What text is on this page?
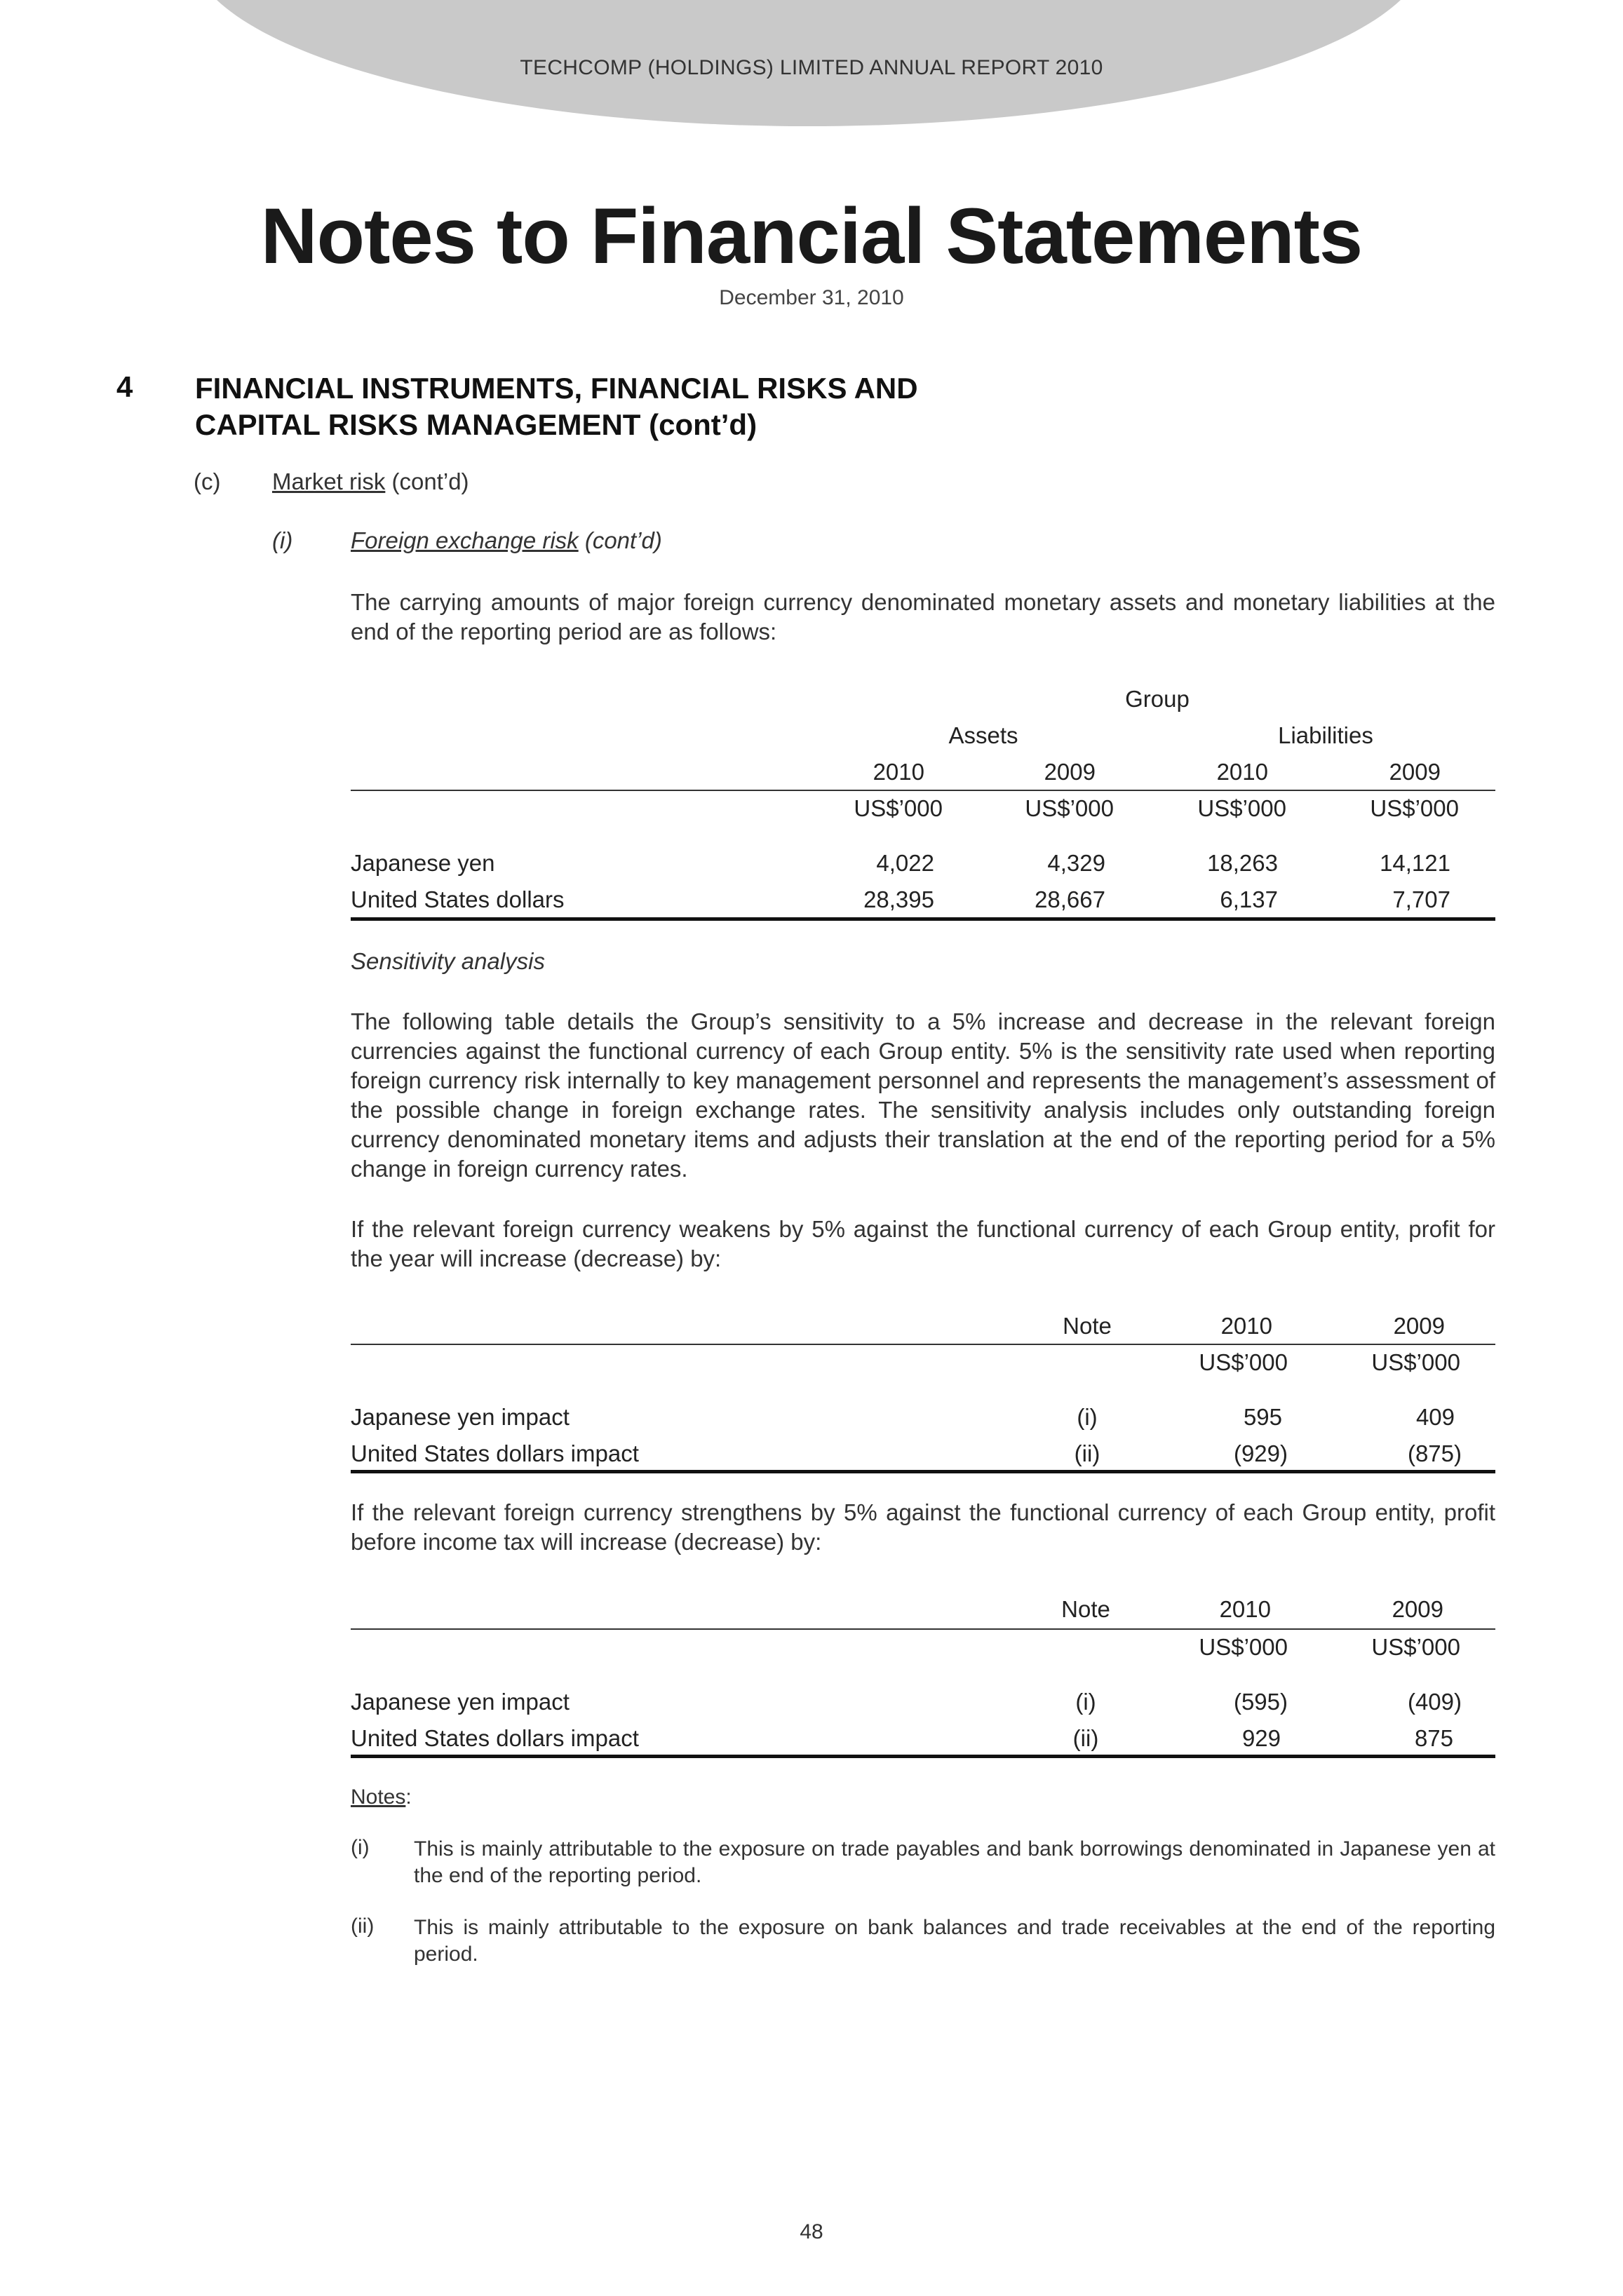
TECHCOMP (HOLDINGS) LIMITED ANNUAL REPORT 2010
Notes to Financial Statements
December 31, 2010
4 FINANCIAL INSTRUMENTS, FINANCIAL RISKS AND
CAPITAL RISKS MANAGEMENT (cont’d)
(c) Market risk (cont’d)
(i)	Foreign exchange risk (cont’d)
The carrying amounts of major foreign currency denominated monetary assets and monetary liabilities at the end of the reporting period are as follows:
Group
Assets	Liabilities
2010	2009	2010	2009
US$’000	US$’000	US$’000	US$’000
Japanese yen	4,022	4,329	18,263	14,121
United States dollars	28,395	28,667	6,137	7,707
Sensitivity analysis
The following table details the Group’s sensitivity to a 5% increase and decrease in the relevant foreign currencies against the functional currency of each Group entity. 5% is the sensitivity rate used when reporting foreign currency risk internally to key management personnel and represents the management’s assessment of the possible change in foreign exchange rates. The sensitivity analysis includes only outstanding foreign currency denominated monetary items and adjusts their translation at the end of the reporting period for a 5% change in foreign currency rates.
If the relevant foreign currency weakens by 5% against the functional currency of each Group entity, profit for the year will increase (decrease) by:
Note	2010	2009
US$’000	US$’000
Japanese yen impact	(i)	595	409
United States dollars impact	(ii)	(929)	(875)
If the relevant foreign currency strengthens by 5% against the functional currency of each Group entity, profit before income tax will increase (decrease) by:
Note	2010	2009
US$’000	US$’000
Japanese yen impact	(i)	(595)	(409)
United States dollars impact	(ii)	929	875
Notes:
(i) This is mainly attributable to the exposure on trade payables and bank borrowings denominated in Japanese yen at the end of the reporting period.
(ii) This is mainly attributable to the exposure on bank balances and trade receivables at the end of the reporting period.
48
